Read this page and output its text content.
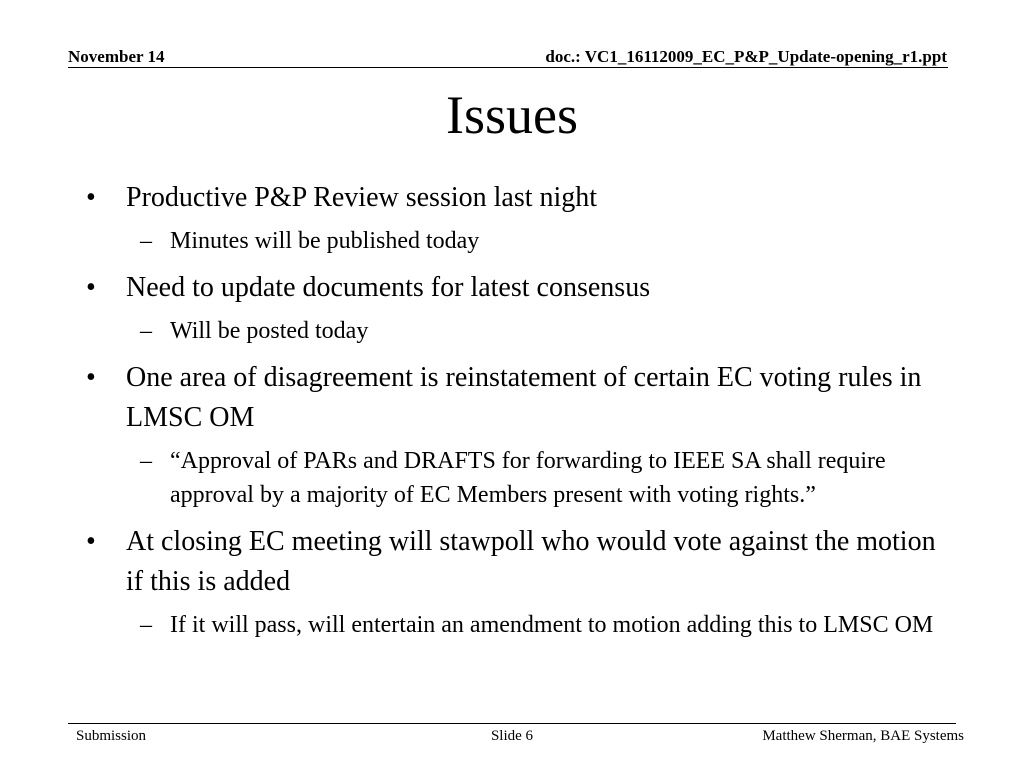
November 14	doc.: VC1_16112009_EC_P&P_Update-opening_r1.ppt
Issues
• Productive P&P Review session last night
– Minutes will be published today
• Need to update documents for latest consensus
– Will be posted today
• One area of disagreement is reinstatement of certain EC voting rules in LMSC OM
– “Approval of PARs and DRAFTS for forwarding to IEEE SA shall require approval by a majority of EC Members present with voting rights.”
• At closing EC meeting will stawpoll who would vote against the motion if this is added
– If it will pass, will entertain an amendment to motion adding this to LMSC OM
Submission	Slide 6	Matthew Sherman, BAE Systems
